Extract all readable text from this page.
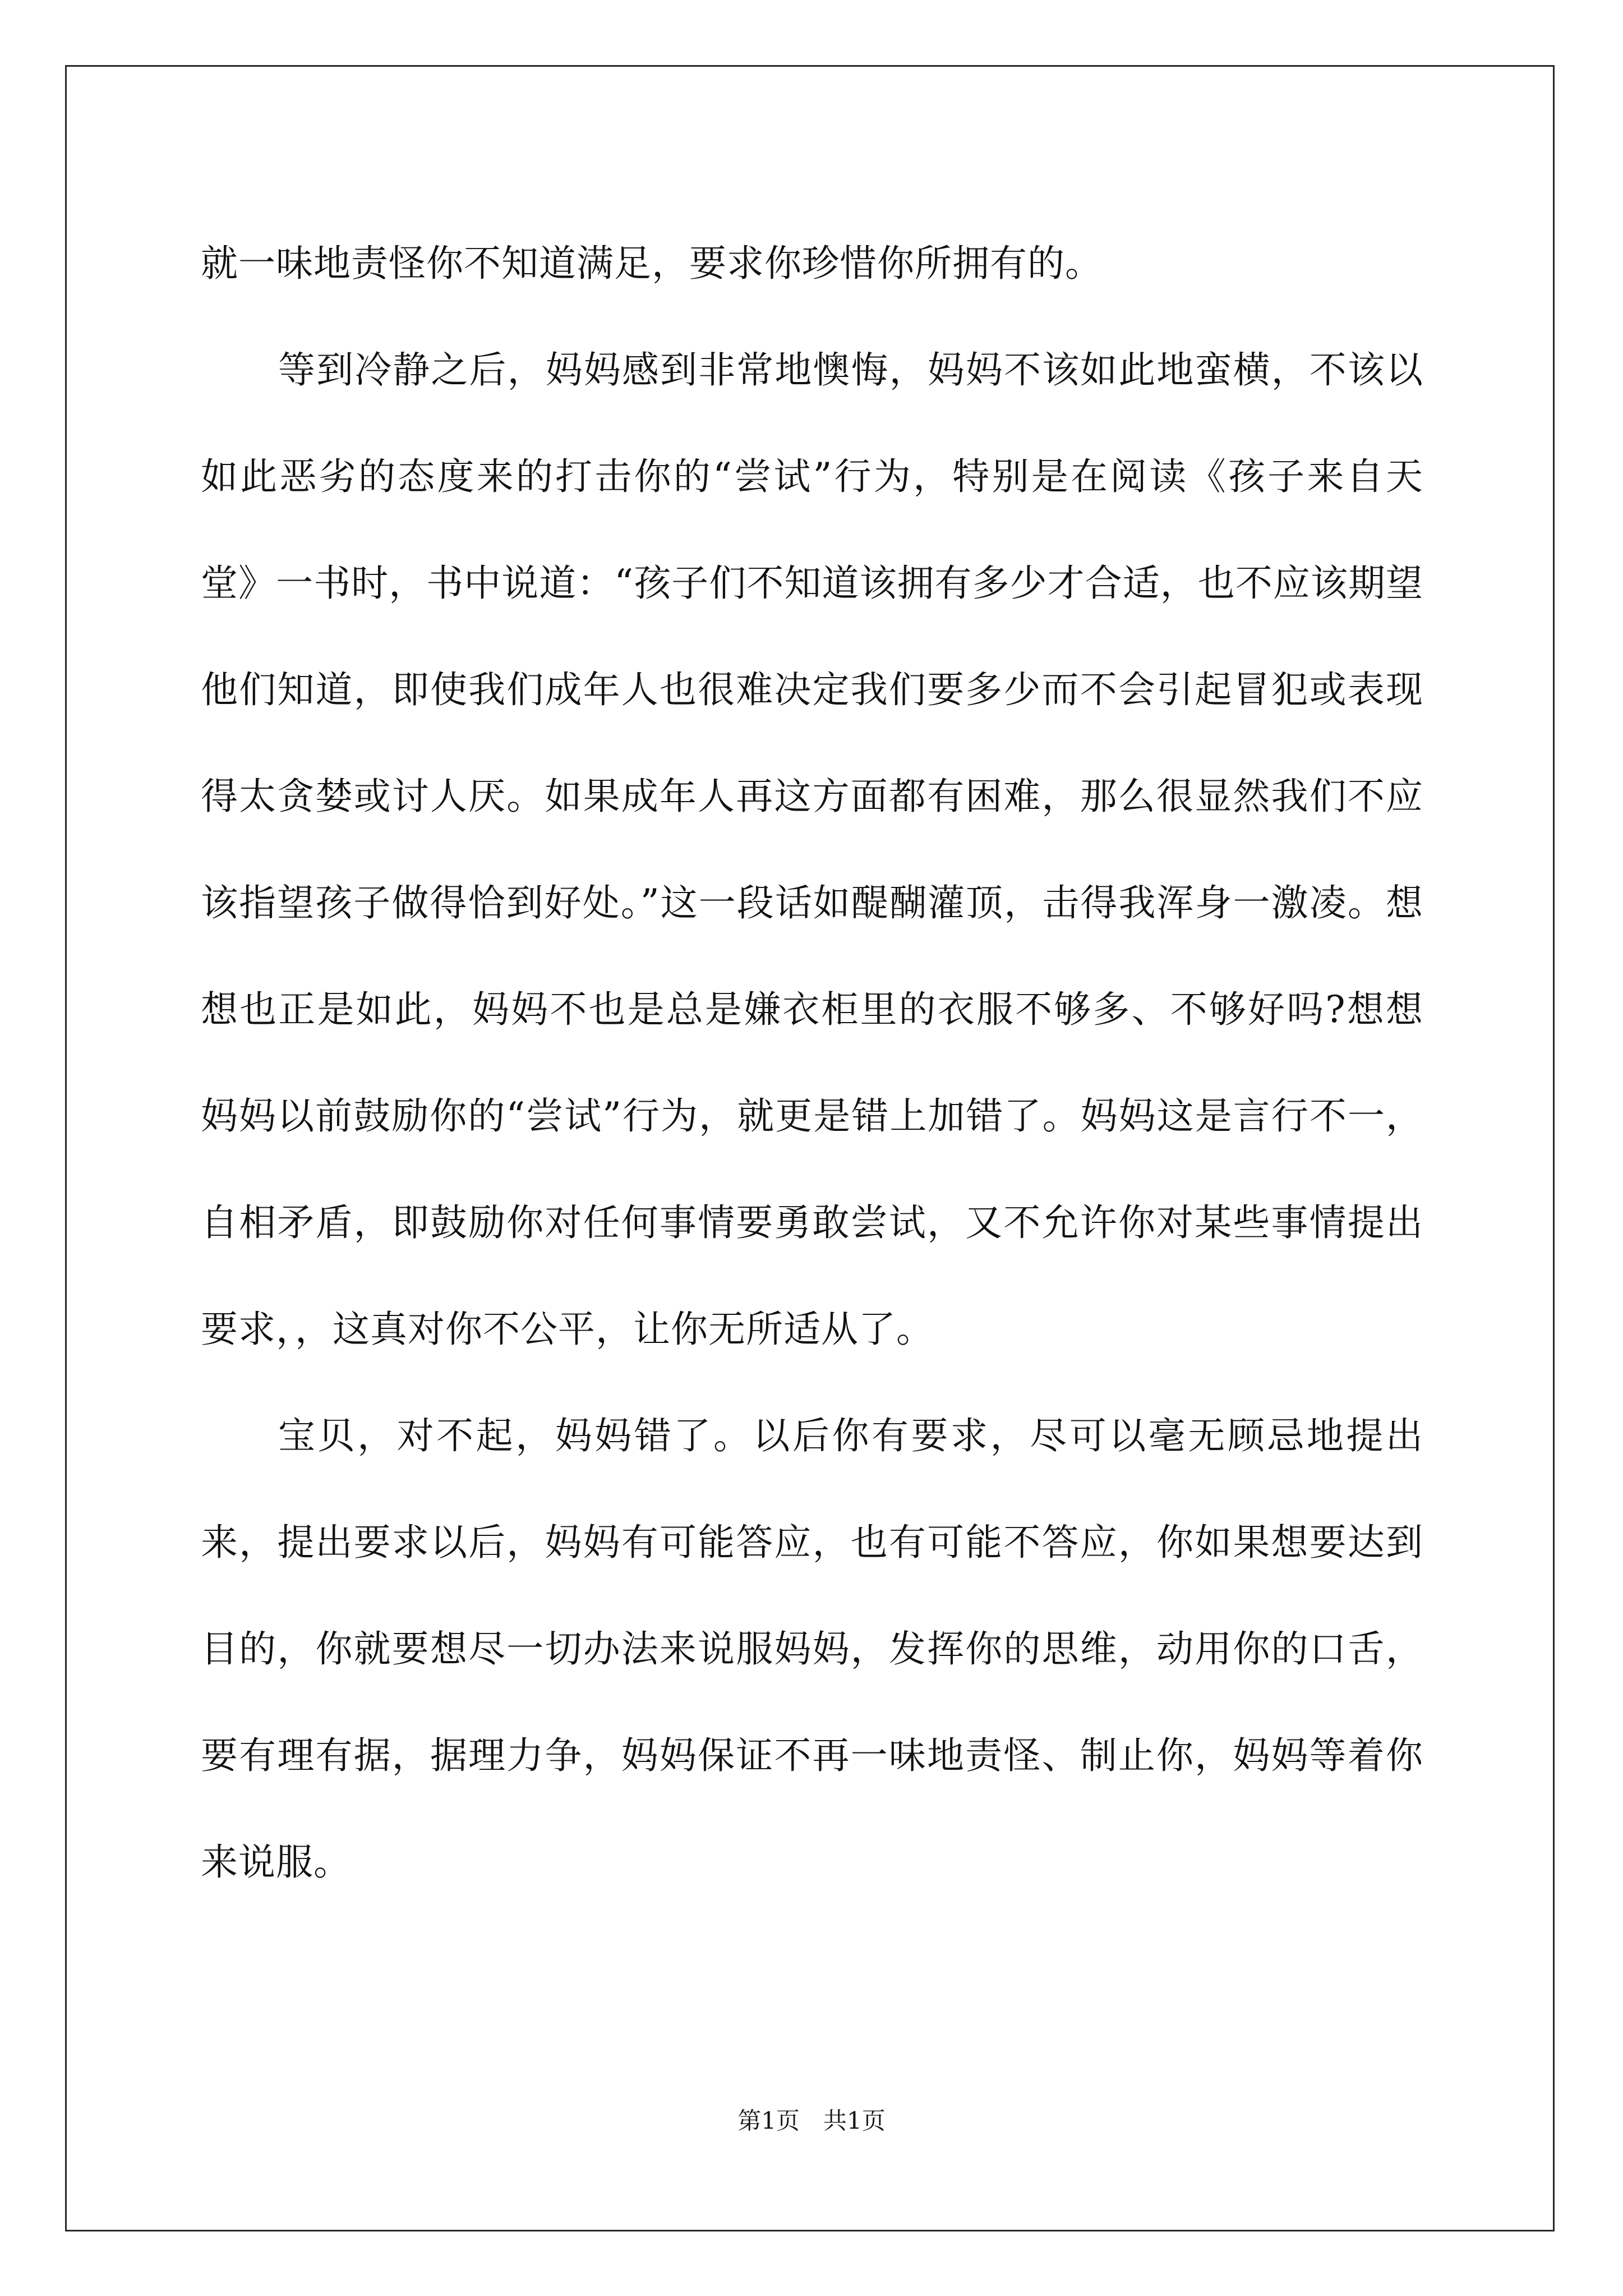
就一味地责怪你不知道满足，要求你珍惜你所拥有的。

等到冷静之后，妈妈感到非常地懊悔，妈妈不该如此地蛮横，不该以如此恶劣的态度来的打击你的“尝试”行为，特别是在阅读《孩子来自天堂》一书时，书中说道：“孩子们不知道该拥有多少才合适，也不应该期望他们知道，即使我们成年人也很难决定我们要多少而不会引起冒犯或表现得太贪婪或讨人厌。如果成年人再这方面都有困难，那么很显然我们不应该指望孩子做得恰到好处。”这一段话如醍醐灌顶，击得我浑身一激凌。想想也正是如此，妈妈不也是总是嫌衣柜里的衣服不够多、不够好吗?想想妈妈以前鼓励你的“尝试”行为，就更是错上加错了。妈妈这是言行不一，自相矛盾，即鼓励你对任何事情要勇敢尝试，又不允许你对某些事情提出要求，，这真对你不公平，让你无所适从了。

宝贝，对不起，妈妈错了。以后你有要求，尽可以毫无顾忌地提出来，提出要求以后，妈妈有可能答应，也有可能不答应，你如果想要达到目的，你就要想尽一切办法来说服妈妈，发挥你的思维，动用你的口舌，要有理有据，据理力争，妈妈保证不再一味地责怪、制止你，妈妈等着你来说服。

第1页　共1页
